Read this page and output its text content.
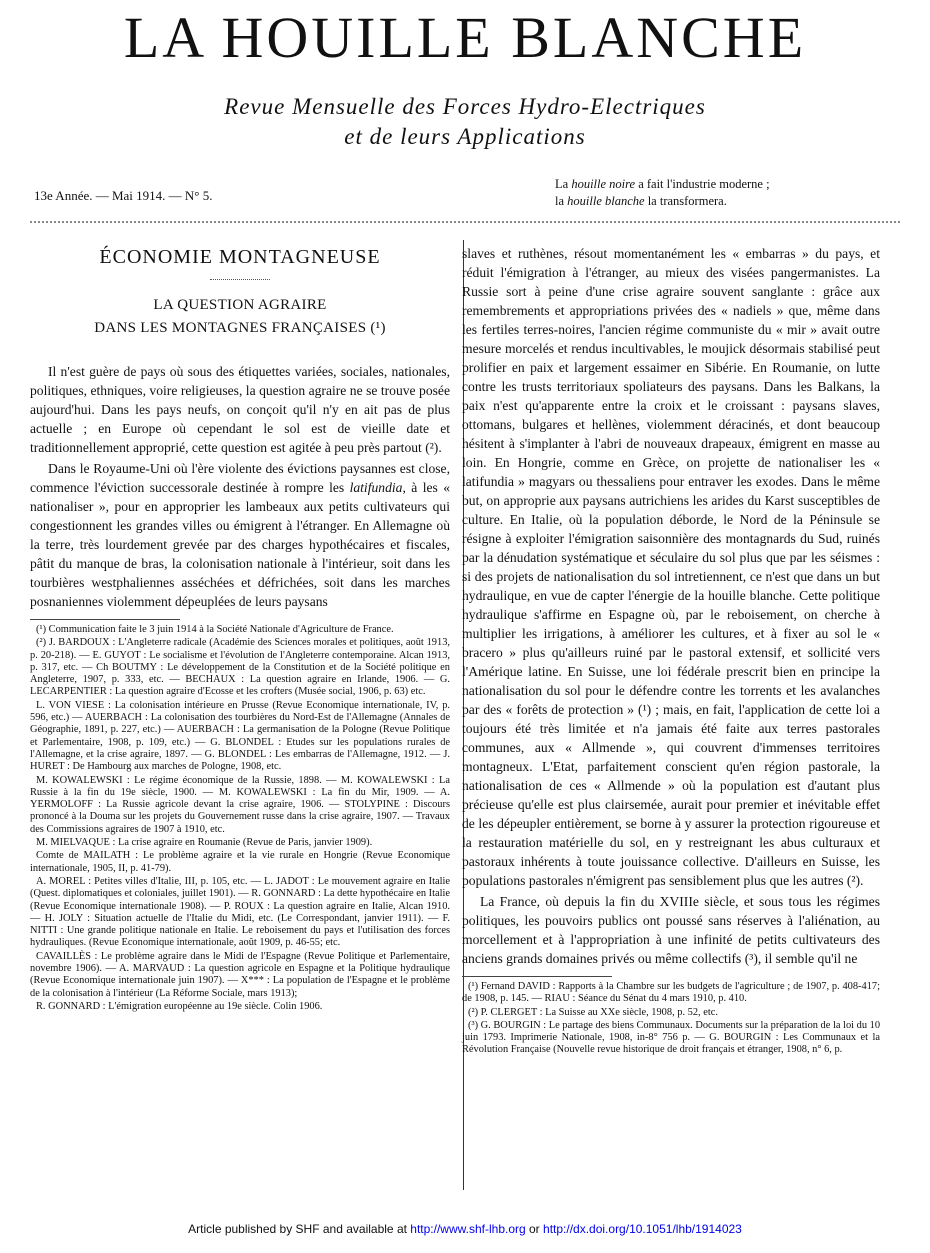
LA HOUILLE BLANCHE
Revue Mensuelle des Forces Hydro-Electriques
et de leurs Applications
13e Année. — Mai 1914. — N° 5.
La houille noire a fait l'industrie moderne ;
la houille blanche la transformera.
ÉCONOMIE MONTAGNEUSE
LA QUESTION AGRAIRE
DANS LES MONTAGNES FRANÇAISES (¹)

Il n'est guère de pays où sous des étiquettes variées, sociales, nationales, politiques, ethniques, voire religieuses, la question agraire ne se trouve posée aujourd'hui. Dans les pays neufs, on conçoit qu'il n'y en ait pas de plus actuelle ; en Europe où cependant le sol est de vieille date et traditionnellement approprié, cette question est agitée à peu près partout (²).

Dans le Royaume-Uni où l'ère violente des évictions paysannes est close, commence l'éviction successorale destinée à rompre les latifundia, à les « nationaliser », pour en approprier les lambeaux aux petits cultivateurs qui congestionnent les grandes villes ou émigrent à l'étranger. En Allemagne où la terre, très lourdement grevée par des charges hypothécaires et fiscales, pâtit du manque de bras, la colonisation nationale à l'intérieur, soit dans les tourbières westphaliennes asséchées et défrichées, soit dans les marches posnaniennes violemment dépeuplées de leurs paysans

(¹) Communication faite le 3 juin 1914 à la Société Nationale d'Agriculture de France.

(²) J. BARDOUX : L'Angleterre radicale (Académie des Sciences morales et politiques, août 1913, p. 20-218). — E. GUYOT : Le socialisme et l'évolution de l'Angleterre contemporaine. Alcan 1913, p. 317, etc. — Ch BOUTMY : Le développement de la Constitution et de la Société politique en Angleterre, 1907, p. 333, etc. — BECHAUX : La question agraire en Irlande, 1906. — G. LECARPENTIER : La question agraire d'Ecosse et les crofters (Musée social, 1906, p. 63) etc.

L. VON VIESE : La colonisation intérieure en Prusse (Revue Economique internationale, IV, p. 596, etc.) — AUERBACH : La colonisation des tourbières du Nord-Est de l'Allemagne (Annales de Géographie, 1891, p. 227, etc.) — AUERBACH : La germanisation de la Pologne (Revue Politique et Parlementaire, 1908, p. 109, etc.) — G. BLONDEL : Etudes sur les populations rurales de l'Allemagne, et la crise agraire, 1897. — G. BLONDEL : Les embarras de l'Allemagne, 1912. — J. HURET : De Hambourg aux marches de Pologne, 1908, etc.

M. KOWALEWSKI : Le régime économique de la Russie, 1898. — M. KOWALEWSKI : La Russie à la fin du 19e siècle, 1900. — M. KOWALEWSKI : La fin du Mir, 1909. — A. YERMOLOFF : La Russie agricole devant la crise agraire, 1906. — STOLYPINE : Discours prononcé à la Douma sur les projets du Gouvernement russe dans la crise agraire, 1907. — Travaux des Commissions agraires de 1907 à 1910, etc.

M. MIELVAQUE : La crise agraire en Roumanie (Revue de Paris, janvier 1909).

Comte de MAILATH : Le problème agraire et la vie rurale en Hongrie (Revue Economique internationale, 1905, II, p. 41-79).

A. MOREL : Petites villes d'Italie, III, p. 105, etc. — L. JADOT : Le mouvement agraire en Italie (Quest. diplomatiques et coloniales, juillet 1901). — R. GONNARD : La dette hypothécaire en Italie (Revue Economique internationale 1908). — P. ROUX : La question agraire en Italie, Alcan 1910. — H. JOLY : Situation actuelle de l'Italie du Midi, etc. (Le Correspondant, janvier 1911). — F. NITTI : Une grande politique nationale en Italie. Le reboisement du pays et l'utilisation des forces hydrauliques. (Revue Economique internationale, août 1909, p. 46-55; etc.

CAVAILLÈS : Le problème agraire dans le Midi de l'Espagne (Revue Politique et Parlementaire, novembre 1906). — A. MARVAUD : La question agricole en Espagne et la Politique hydraulique (Revue Economique internationale juin 1907). — X*** : La population de l'Espagne et le problème de la colonisation à l'intérieur (La Réforme Sociale, mars 1913);

R. GONNARD : L'émigration européenne au 19e siècle. Colin 1906.

slaves et ruthènes, résout momentanément les « embarras » du pays, et réduit l'émigration à l'étranger, au mieux des visées pangermanistes. La Russie sort à peine d'une crise agraire souvent sanglante : grâce aux remembrements et appropriations privées des « nadiels » que, même dans les fertiles terres-noires, l'ancien régime communiste du « mir » avait outre mesure morcelés et rendus incultivables, le moujick désormais stabilisé peut prolifier en paix et largement essaimer en Sibérie. En Roumanie, on lutte contre les trusts territoriaux spoliateurs des paysans. Dans les Balkans, la paix n'est qu'apparente entre la croix et le croissant : paysans slaves, ottomans, bulgares et hellènes, violemment déracinés, et dont beaucoup hésitent à s'implanter à l'abri de nouveaux drapeaux, émigrent en masse au loin. En Hongrie, comme en Grèce, on projette de nationaliser les « latifundia » magyars ou thessaliens pour entraver les exodes. Dans le même but, on approprie aux paysans autrichiens les arides du Karst susceptibles de culture. En Italie, où la population déborde, le Nord de la Péninsule se résigne à exploiter l'émigration saisonnière des montagnards du Sud, ruinés par la dénudation systématique et séculaire du sol plus que par les séismes : si des projets de nationalisation du sol intretiennent, ce n'est que dans un but hydraulique, en vue de capter l'énergie de la houille blanche. Cette politique hydraulique s'affirme en Espagne où, par le reboisement, on cherche à multiplier les irrigations, à améliorer les cultures, et à fixer au sol le « bracero » plus qu'ailleurs ruiné par le pastoral extensif, et sollicité vers l'Amérique latine. En Suisse, une loi fédérale prescrit bien en principe la nationalisation du sol pour le défendre contre les torrents et les avalanches par des « forêts de protection » (¹) ; mais, en fait, l'application de cette loi a toujours été très limitée et n'a jamais été faite aux terres pastorales communes, aux « Allmende », qui couvrent d'immenses territoires montagneux. L'Etat, parfaitement conscient qu'en région pastorale, la nationalisation de ces « Allmende » où la population est d'autant plus précieuse qu'elle est plus clairsemée, aurait pour premier et inévitable effet de les dépeupler entièrement, se borne à y assurer la protection rigoureuse et la restauration matérielle du sol, en y restreignant les abus culturaux et pastoraux inhérents à toute jouissance collective. D'ailleurs en Suisse, les populations pastorales n'émigrent pas sensiblement plus que les autres (²).

La France, où depuis la fin du XVIIIe siècle, et sous tous les régimes politiques, les pouvoirs publics ont poussé sans réserves à l'aliénation, au morcellement et à l'appropriation à une infinité de petits cultivateurs des anciens grands domaines privés ou même collectifs (³), il semble qu'il ne

(¹) Fernand DAVID : Rapports à la Chambre sur les budgets de l'agriculture ; de 1907, p. 408-417; de 1908, p. 145. — RIAU : Séance du Sénat du 4 mars 1910, p. 410.

(²) P. CLERGET : La Suisse au XXe siècle, 1908, p. 52, etc.

(³) G. BOURGIN : Le partage des biens Communaux. Documents sur la préparation de la loi du 10 juin 1793. Imprimerie Nationale, 1908, in-8° 756 p. — G. BOURGIN : Les Communaux et la Révolution Française (Nouvelle revue historique de droit français et étranger, 1908, n° 6, p.

Article published by SHF and available at http://www.shf-lhb.org or http://dx.doi.org/10.1051/lhb/1914023
